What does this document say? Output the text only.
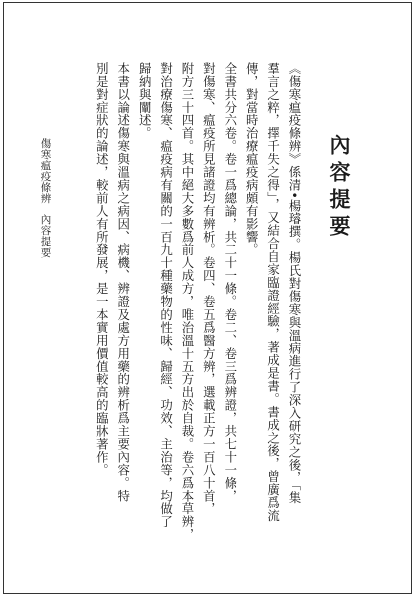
傷寒瘟疫條辨內容提要	內容提要

《傷寒瘟疫條辨》係清•楊璿撰。楊氏對傷寒與溫病進行了深入研究之後，「集

羣言之粹，擇千失之得」，又結合自家臨證經驗，著成是書。書成之後，曾廣爲流

傳，對當時治療瘟疫病頗有影響。

全書共分六卷。卷一爲總論，共二十一條。卷二、卷三爲辨證，共七十一條，

對傷寒、瘟疫所見諸證均有辨析。卷四、卷五爲醫方辨，選載正方一百八十首，

附方三十四首。其中絕大多數爲前人成方，唯治溫十五方出於自裁。卷六爲本草辨，

對治療傷寒、瘟疫病有關的一百九十種藥物的性味、歸經、功效、主治等，均做了

歸納與闡述。

本書以論述傷寒與溫病之病因、病機、辨證及處方用藥的辨析爲主要內容。特

別是對症狀的論述，較前人有所發展，是一本實用價值較高的臨牀著作。
